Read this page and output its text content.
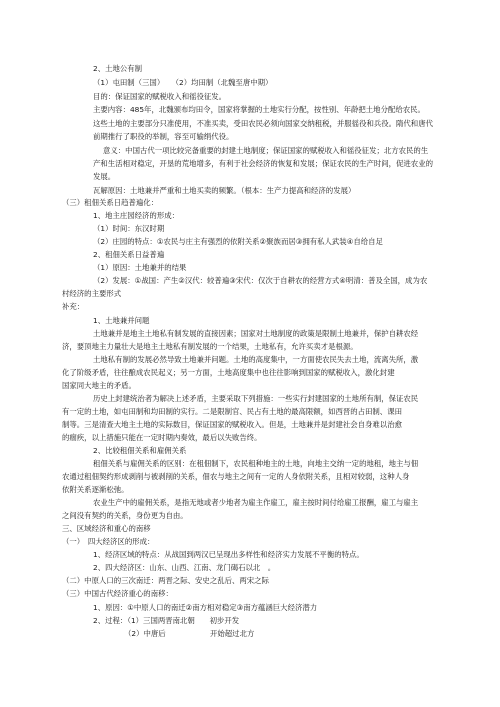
2、土地公有制
（1）屯田制（三国）　　（2）均田制（北魏至唐中期）
目的：保证国家的赋税收入和徭役征发。
主要内容：485年，北魏颁布均田令，国家将掌握的土地实行分配，按性别、年龄把土地分配给农民。
这些土地的主要部分只准使用，不准买卖，受田农民必须向国家交纳租税，并服徭役和兵役。隋代和唐代
前期推行了职役的举制，容至可输绢代役。
意义：中国古代一项比较完备重要的封建土地制度；保证国家的赋税收入和徭役征发；北方农民的生
产和生活相对稳定，开垦的荒地增多，有利于社会经济的恢复和发展；保证农民的生产时间，促进农业的
发展。
瓦解原因：土地兼并严重和土地买卖的频繁。（根本：生产力提高和经济的发展）
（三）租佃关系日趋普遍化：
1、地主庄园经济的形成：
（1）时间：东汉时期
（2）庄园的特点：①农民与庄主有强烈的依附关系②聚族而居③拥有私人武装④自给自足
2、租佃关系日益普遍
（1）原因：土地兼并的结果
（2）发展：①战国：产生②汉代：较普遍③宋代：仅次于自耕农的经营方式④明清：普及全国，成为农
村经济的主要形式
补充：
1、土地兼并问题
土地兼并是地主土地私有制发展的直接因素；国家对土地制度的政策是限制土地兼并，保护自耕农经
济，要顶地主力量壮大是地主土地私有制发展的一个结果，土地私有，允许买卖才是根源。
土地私有制的发展必然导致土地兼并问题。土地的高度集中，一方面使农民失去土地，流离失所，激
化了阶级矛盾，往往酿成农民起义；另一方面，土地高度集中也往往影响到国家的赋税收入，激化封建
国家同大地主的矛盾。
历史上封建统治者为解决上述矛盾，主要采取下列措施：一些实行封建国家的土地所有制，保证农民
有一定的土地，如屯田制和均田制的实行。二是限制官、民占有土地的最高限额，如西晋的占田制、课田
制等。三是清查大地主土地的实际数目，保证国家的赋税收入。但是，土地兼并是封建社会自身难以治愈
的痼疾，以上措施只能在一定时期内奏效，最后以失败告终。
2、比较租佃关系和雇佣关系
租佃关系与雇佣关系的区别：在租佃制下，农民租种地主的土地，向地主交纳一定的地租，地主与佃
农通过租佃契约形成剥削与被剥削的关系，佃农与地主之间有一定的人身依附关系，且相对较弱，这种人身
依附关系逐渐松弛。
农业生产中的雇佣关系，是指无地或者少地者为雇主作雇工，雇主按时间付给雇工报酬，雇工与雇主
之间没有契约的关系，身份更为自由。
三、区域经济和重心的南移
（一）　四大经济区的形成：
1、经济区域的特点：从战国到两汉已呈现出多样性和经济实力发展不平衡的特点。
2、四大经济区：山东、山西、江南、龙门碣石以北　。
（二）中原人口的三次南迁：两晋之际、安史之乱后、两宋之际
（三）中国古代经济重心的南移：
1、原因：①中原人口的南迁②南方相对稳定③南方蕴涵巨大经济潜力
2、过程：（1）三国两晋南北朝　　初步开发
（2）中唐后　　　　　　开始超过北方
